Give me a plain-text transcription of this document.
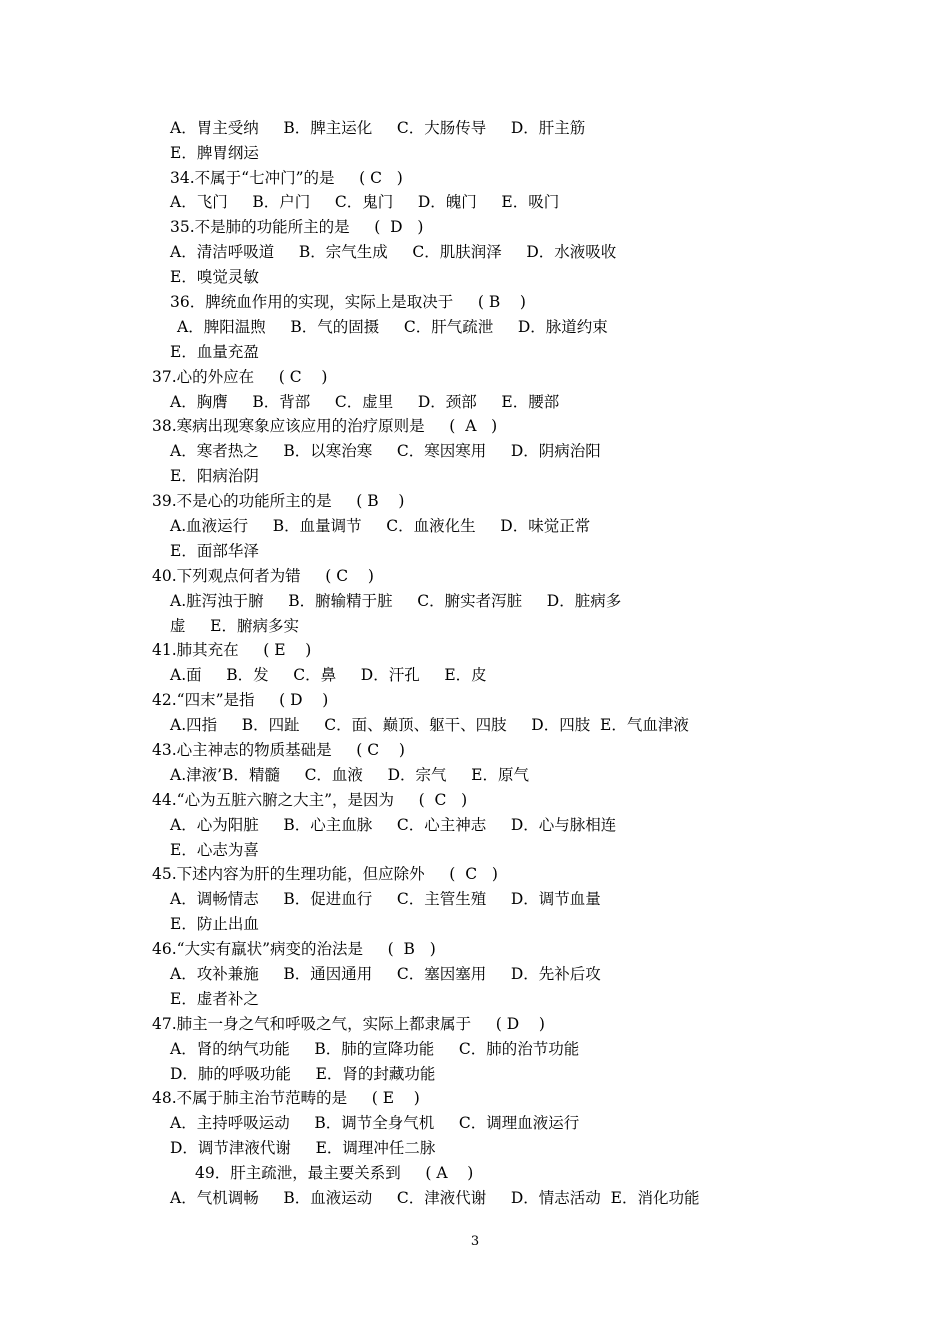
A．胃主受纳     B．脾主运化     C．大肠传导     D．肝主筋
E．脾胃纲运
34.不属于“七冲门”的是     ( C   )
A．飞门     B．户门     C．鬼门     D．魄门     E．吸门
35.不是肺的功能所主的是     (  D   )
A．清洁呼吸道     B．宗气生成     C．肌肤润泽     D．水液吸收
E．嗅觉灵敏
36．脾统血作用的实现，实际上是取决于     ( B    )
A．脾阳温煦     B．气的固摄     C．肝气疏泄     D．脉道约束
E．血量充盈
37.心的外应在     ( C    )
A．胸膺     B．背部     C．虚里     D．颈部     E．腰部
38.寒病出现寒象应该应用的治疗原则是     (  A   )
A．寒者热之     B．以寒治寒     C．寒因寒用     D．阴病治阳
E．阳病治阴
39.不是心的功能所主的是     ( B    )
A.血液运行     B．血量调节     C．血液化生     D．味觉正常
E．面部华泽
40.下列观点何者为错     ( C    )
A.脏泻浊于腑     B．腑输精于脏     C．腑实者泻脏     D．脏病多
虚     E．腑病多实
41.肺其充在     ( E    )
A.面     B．发     C．鼻     D．汗孔     E．皮
42.“四末”是指     ( D    )
A.四指     B．四趾     C．面、巅顶、躯干、四肢     D．四肢  E．气血津液
43.心主神志的物质基础是     ( C    )
A.津液’B．精髓     C．血液     D．宗气     E．原气
44.“心为五脏六腑之大主”，是因为     (  C   )
A．心为阳脏     B．心主血脉     C．心主神志     D．心与脉相连
E．心志为喜
45.下述内容为肝的生理功能，但应除外     (  C   )
A．调畅情志     B．促进血行     C．主管生殖     D．调节血量
E．防止出血
46.“大实有羸状”病变的治法是     (  B   )
A．攻补兼施     B．通因通用     C．塞因塞用     D．先补后攻
E．虚者补之
47.肺主一身之气和呼吸之气，实际上都隶属于     ( D    )
A．肾的纳气功能     B．肺的宣降功能     C．肺的治节功能
D．肺的呼吸功能     E．肾的封藏功能
48.不属于肺主治节范畴的是     ( E    )
A．主持呼吸运动     B．调节全身气机     C．调理血液运行
D．调节津液代谢     E．调理冲任二脉
49．肝主疏泄，最主要关系到     ( A    )
A．气机调畅     B．血液运动     C．津液代谢     D．情志活动  E．消化功能
3
